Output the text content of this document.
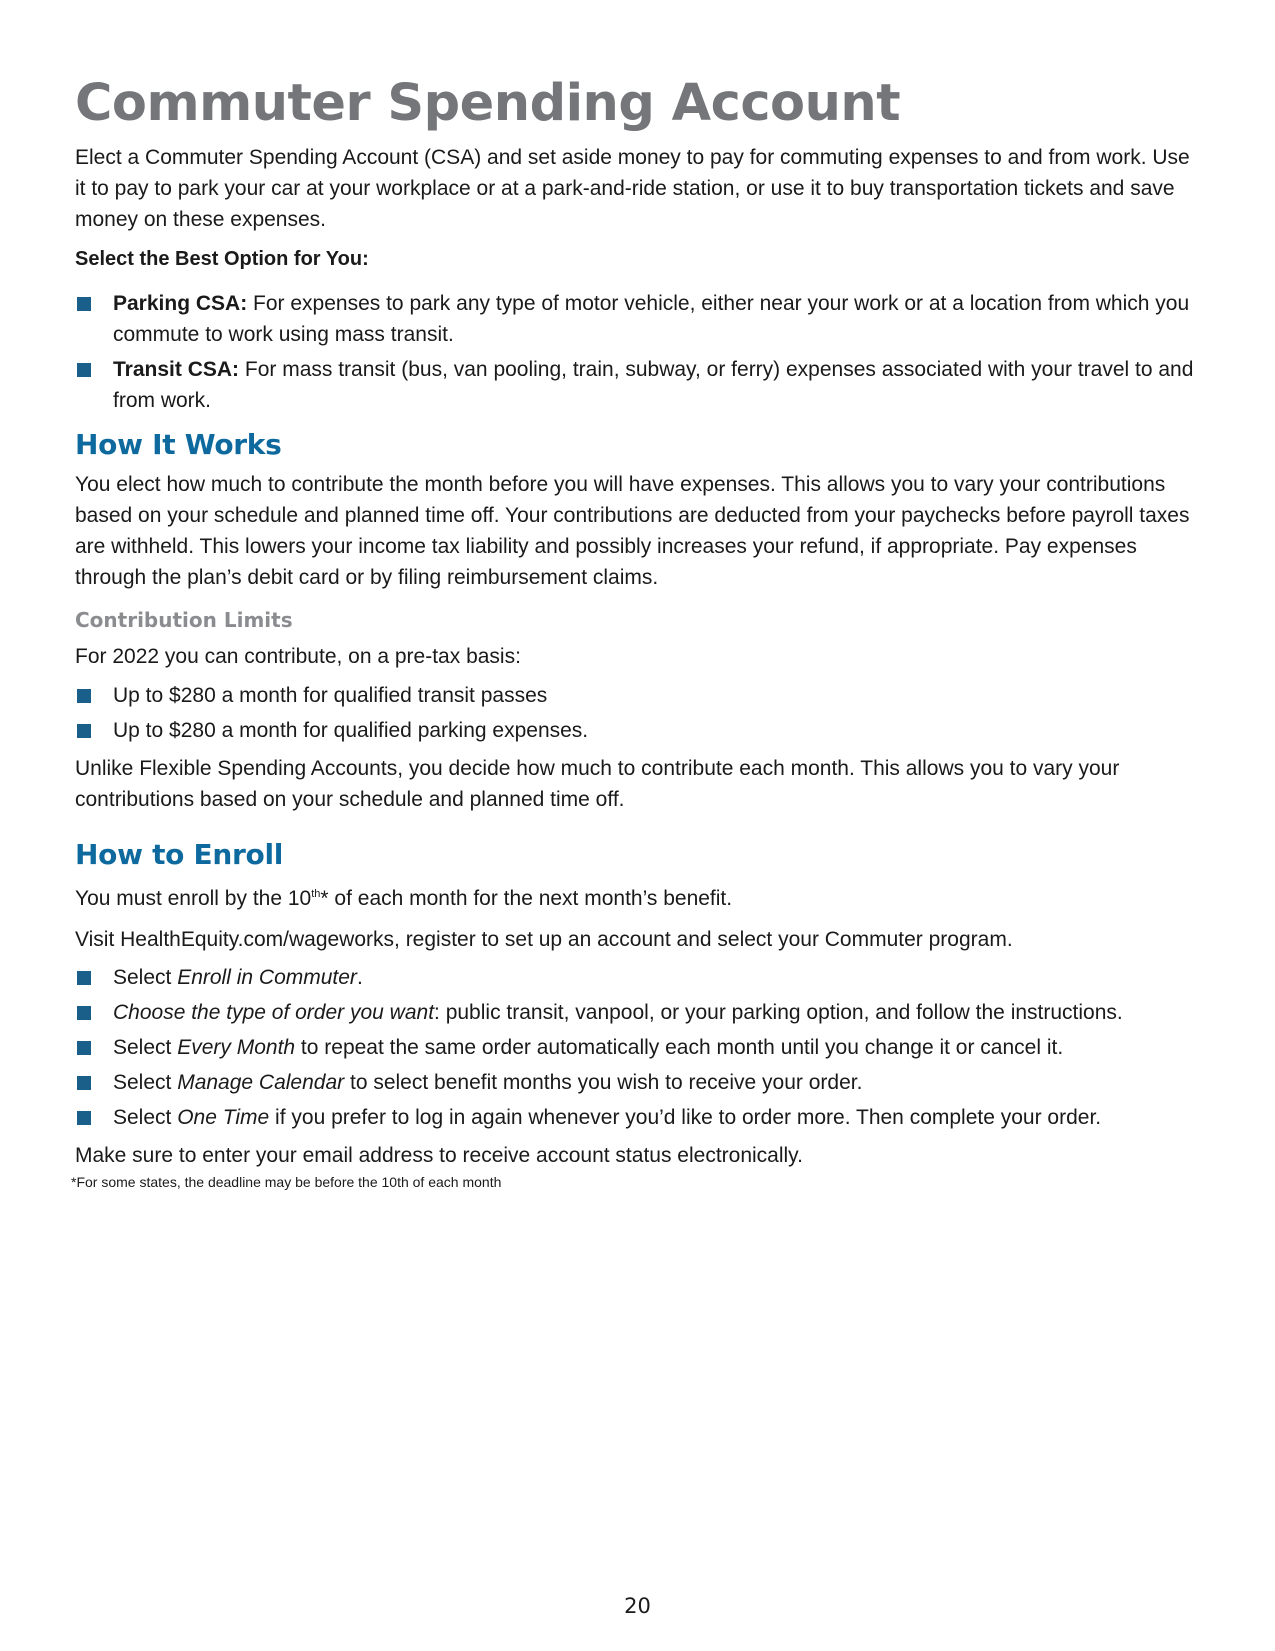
Commuter Spending Account

Elect a Commuter Spending Account (CSA) and set aside money to pay for commuting expenses to and from work. Use it to pay to park your car at your workplace or at a park-and-ride station, or use it to buy transportation tickets and save money on these expenses.

Select the Best Option for You:

Parking CSA: For expenses to park any type of motor vehicle, either near your work or at a location from which you commute to work using mass transit.
Transit CSA: For mass transit (bus, van pooling, train, subway, or ferry) expenses associated with your travel to and from work.
How It Works

You elect how much to contribute the month before you will have expenses. This allows you to vary your contributions based on your schedule and planned time off. Your contributions are deducted from your paychecks before payroll taxes are withheld. This lowers your income tax liability and possibly increases your refund, if appropriate. Pay expenses through the plan’s debit card or by filing reimbursement claims.

Contribution Limits

For 2022 you can contribute, on a pre-tax basis:

Up to $280 a month for qualified transit passes
Up to $280 a month for qualified parking expenses.

Unlike Flexible Spending Accounts, you decide how much to contribute each month. This allows you to vary your contributions based on your schedule and planned time off.

How to Enroll

You must enroll by the 10th* of each month for the next month’s benefit.

Visit HealthEquity.com/wageworks, register to set up an account and select your Commuter program.

Select Enroll in Commuter.
Choose the type of order you want: public transit, vanpool, or your parking option, and follow the instructions.
Select Every Month to repeat the same order automatically each month until you change it or cancel it.
Select Manage Calendar to select benefit months you wish to receive your order.
Select One Time if you prefer to log in again whenever you’d like to order more. Then complete your order.

Make sure to enter your email address to receive account status electronically.

*For some states, the deadline may be before the 10th of each month

20
